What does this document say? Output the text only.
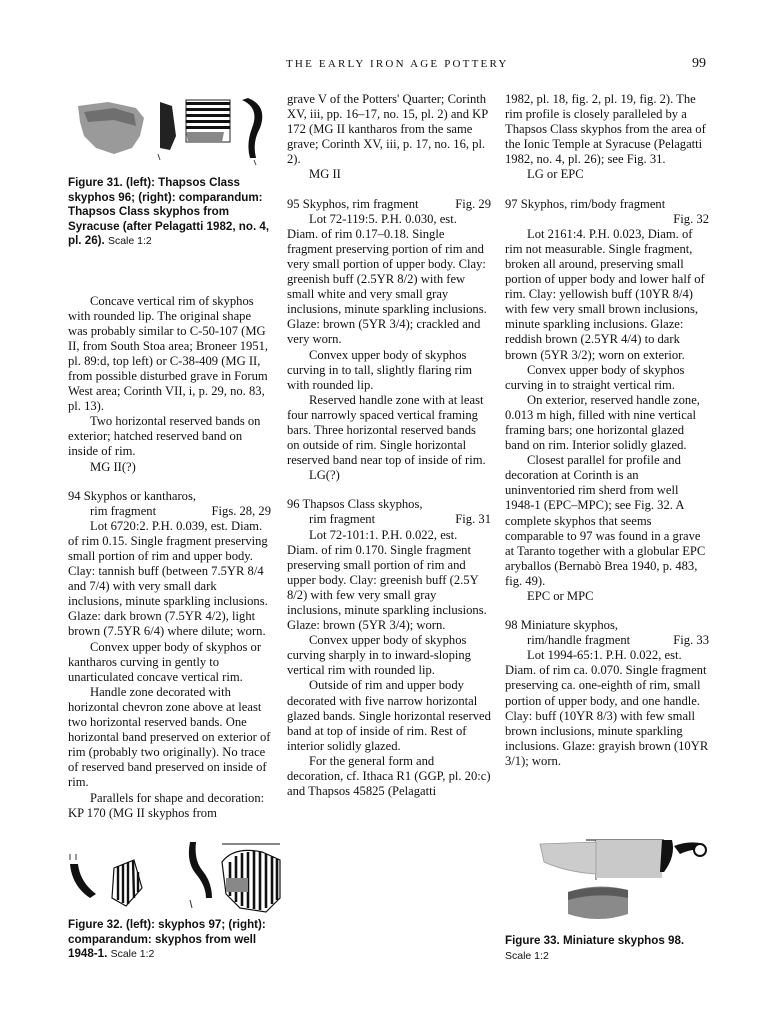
THE EARLY IRON AGE POTTERY	99

Figure 31. (left): Thapsos Class skyphos 96; (right): comparandum: Thapsos Class skyphos from Syracuse (after Pelagatti 1982, no. 4, pl. 26). Scale 1:2

Concave vertical rim of skyphos with rounded lip. The original shape was probably similar to C-50-107 (MG II, from South Stoa area; Broneer 1951, pl. 89:d, top left) or C-38-409 (MG II, from possible disturbed grave in Forum West area; Corinth VII, i, p. 29, no. 83, pl. 13).

Two horizontal reserved bands on exterior; hatched reserved band on inside of rim.

MG II(?)

94 Skyphos or kantharos,

rim fragment	Figs. 28, 29

Lot 6720:2. P.H. 0.039, est. Diam. of rim 0.15. Single fragment preserving small portion of rim and upper body. Clay: tannish buff (between 7.5YR 8/4 and 7/4) with very small dark inclusions, minute sparkling inclusions. Glaze: dark brown (7.5YR 4/2), light brown (7.5YR 6/4) where dilute; worn.

Convex upper body of skyphos or kantharos curving in gently to unarticulated concave vertical rim.

Handle zone decorated with horizontal chevron zone above at least two horizontal reserved bands. One horizontal band preserved on exterior of rim (probably two originally). No trace of reserved band preserved on inside of rim.

Parallels for shape and decoration: KP 170 (MG II skyphos from

grave V of the Potters' Quarter; Corinth XV, iii, pp. 16–17, no. 15, pl. 2) and KP 172 (MG II kantharos from the same grave; Corinth XV, iii, p. 17, no. 16, pl. 2).

MG II

95 Skyphos, rim fragment	Fig. 29

Lot 72-119:5. P.H. 0.030, est. Diam. of rim 0.17–0.18. Single fragment preserving portion of rim and very small portion of upper body. Clay: greenish buff (2.5YR 8/2) with few small white and very small gray inclusions, minute sparkling inclusions. Glaze: brown (5YR 3/4); crackled and very worn.

Convex upper body of skyphos curving in to tall, slightly flaring rim with rounded lip.

Reserved handle zone with at least four narrowly spaced vertical framing bars. Three horizontal reserved bands on outside of rim. Single horizontal reserved band near top of inside of rim.

LG(?)

96 Thapsos Class skyphos,

rim fragment	Fig. 31

Lot 72-101:1. P.H. 0.022, est. Diam. of rim 0.170. Single fragment preserving small portion of rim and upper body. Clay: greenish buff (2.5Y 8/2) with few very small gray inclusions, minute sparkling inclusions. Glaze: brown (5YR 3/4); worn.

Convex upper body of skyphos curving sharply in to inward-sloping vertical rim with rounded lip.

Outside of rim and upper body decorated with five narrow horizontal glazed bands. Single horizontal reserved band at top of inside of rim. Rest of interior solidly glazed.

For the general form and decoration, cf. Ithaca R1 (GGP, pl. 20:c) and Thapsos 45825 (Pelagatti

1982, pl. 18, fig. 2, pl. 19, fig. 2). The rim profile is closely paralleled by a Thapsos Class skyphos from the area of the Ionic Temple at Syracuse (Pelagatti 1982, no. 4, pl. 26); see Fig. 31.

LG or EPC

97 Skyphos, rim/body fragment

Fig. 32

Lot 2161:4. P.H. 0.023, Diam. of rim not measurable. Single fragment, broken all around, preserving small portion of upper body and lower half of rim. Clay: yellowish buff (10YR 8/4) with few very small brown inclusions, minute sparkling inclusions. Glaze: reddish brown (2.5YR 4/4) to dark brown (5YR 3/2); worn on exterior.

Convex upper body of skyphos curving in to straight vertical rim.

On exterior, reserved handle zone, 0.013 m high, filled with nine vertical framing bars; one horizontal glazed band on rim. Interior solidly glazed.

Closest parallel for profile and decoration at Corinth is an uninventoried rim sherd from well 1948-1 (EPC–MPC); see Fig. 32. A complete skyphos that seems comparable to 97 was found in a grave at Taranto together with a globular EPC aryballos (Bernabò Brea 1940, p. 483, fig. 49).

EPC or MPC

98 Miniature skyphos,

rim/handle fragment	Fig. 33

Lot 1994-65:1. P.H. 0.022, est. Diam. of rim ca. 0.070. Single fragment preserving ca. one-eighth of rim, small portion of upper body, and one handle. Clay: buff (10YR 8/3) with few small brown inclusions, minute sparkling inclusions. Glaze: grayish brown (10YR 3/1); worn.

Figure 32. (left): skyphos 97; (right): comparandum: skyphos from well 1948-1. Scale 1:2
Figure 33. Miniature skyphos 98.
Scale 1:2
